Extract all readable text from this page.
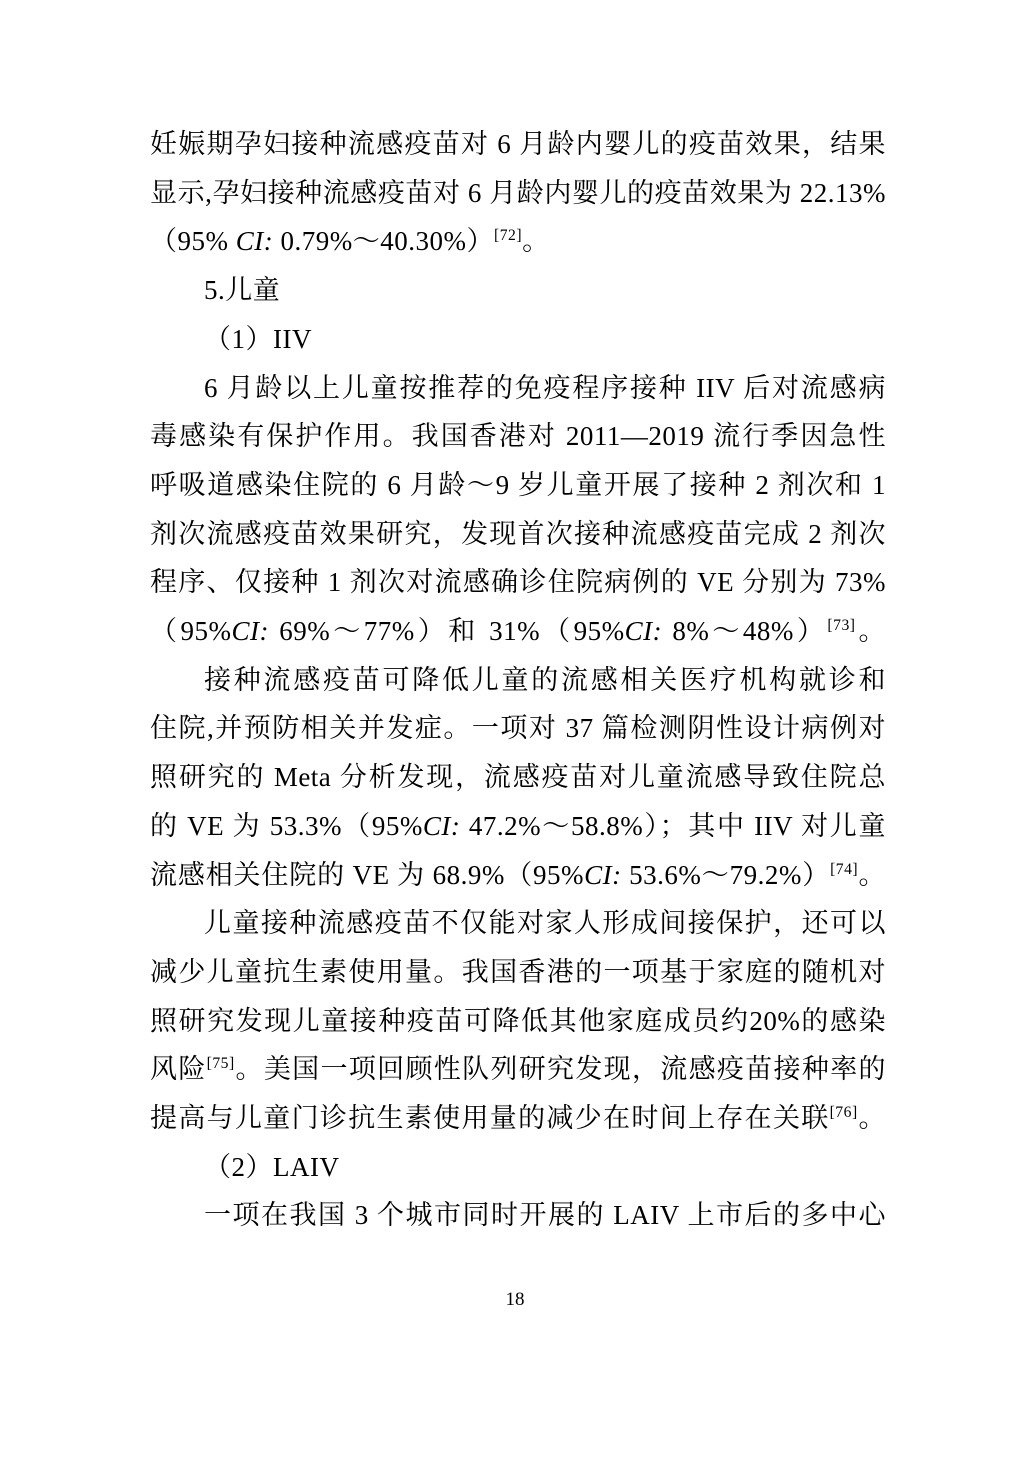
妊娠期孕妇接种流感疫苗对 6 月龄内婴儿的疫苗效果，结果
显示,孕妇接种流感疫苗对 6 月龄内婴儿的疫苗效果为 22.13%
（95% CI: 0.79%～40.30%）[72]。
5.儿童
（1）IIV
6 月龄以上儿童按推荐的免疫程序接种 IIV 后对流感病
毒感染有保护作用。我国香港对 2011—2019 流行季因急性
呼吸道感染住院的 6 月龄～9 岁儿童开展了接种 2 剂次和 1
剂次流感疫苗效果研究，发现首次接种流感疫苗完成 2 剂次
程序、仅接种 1 剂次对流感确诊住院病例的 VE 分别为 73%
（95%CI: 69%～77%）和 31%（95%CI: 8%～48%）[73]。
接种流感疫苗可降低儿童的流感相关医疗机构就诊和
住院,并预防相关并发症。一项对 37 篇检测阴性设计病例对
照研究的 Meta 分析发现，流感疫苗对儿童流感导致住院总
的 VE 为 53.3%（95%CI: 47.2%～58.8%）；其中 IIV 对儿童
流感相关住院的 VE 为 68.9%（95%CI: 53.6%～79.2%）[74]。
儿童接种流感疫苗不仅能对家人形成间接保护，还可以
减少儿童抗生素使用量。我国香港的一项基于家庭的随机对
照研究发现儿童接种疫苗可降低其他家庭成员约20%的感染
风险[75]。美国一项回顾性队列研究发现，流感疫苗接种率的
提高与儿童门诊抗生素使用量的减少在时间上存在关联[76]。
（2）LAIV
一项在我国 3 个城市同时开展的 LAIV 上市后的多中心
18
